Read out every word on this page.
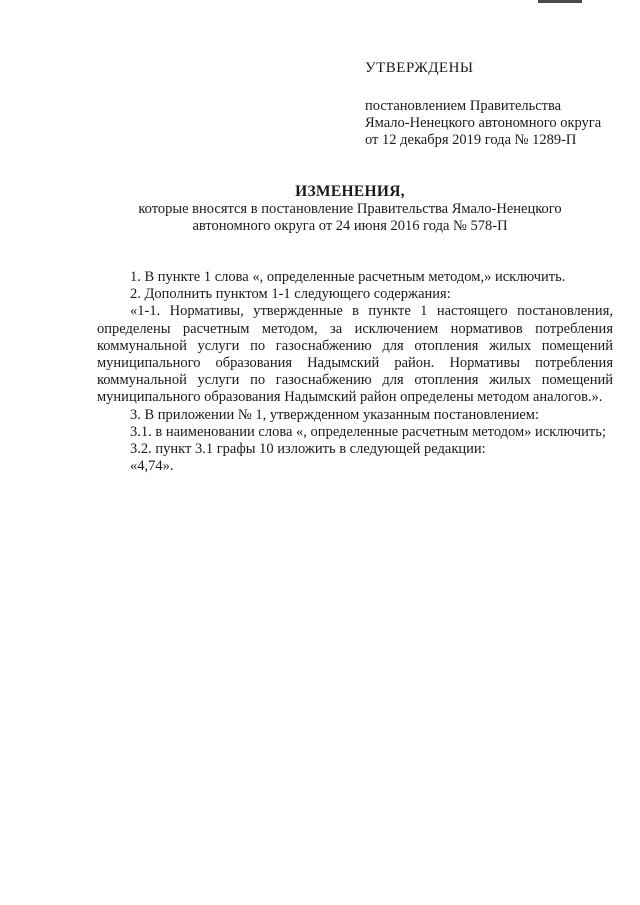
УТВЕРЖДЕНЫ
постановлением Правительства
Ямало-Ненецкого автономного округа
от 12 декабря 2019 года № 1289-П
ИЗМЕНЕНИЯ,
которые вносятся в постановление Правительства Ямало-Ненецкого
автономного округа от 24 июня 2016 года № 578-П

1. В пункте 1 слова «, определенные расчетным методом,» исключить.

2. Дополнить пунктом 1-1 следующего содержания:

«1-1. Нормативы, утвержденные в пункте 1 настоящего постановления, определены расчетным методом, за исключением нормативов потребления коммунальной услуги по газоснабжению для отопления жилых помещений муниципального образования Надымский район. Нормативы потребления коммунальной услуги по газоснабжению для отопления жилых помещений муниципального образования Надымский район определены методом аналогов.».

3. В приложении № 1, утвержденном указанным постановлением:

3.1. в наименовании слова «, определенные расчетным методом» исключить;

3.2. пункт 3.1 графы 10 изложить в следующей редакции:

«4,74».
